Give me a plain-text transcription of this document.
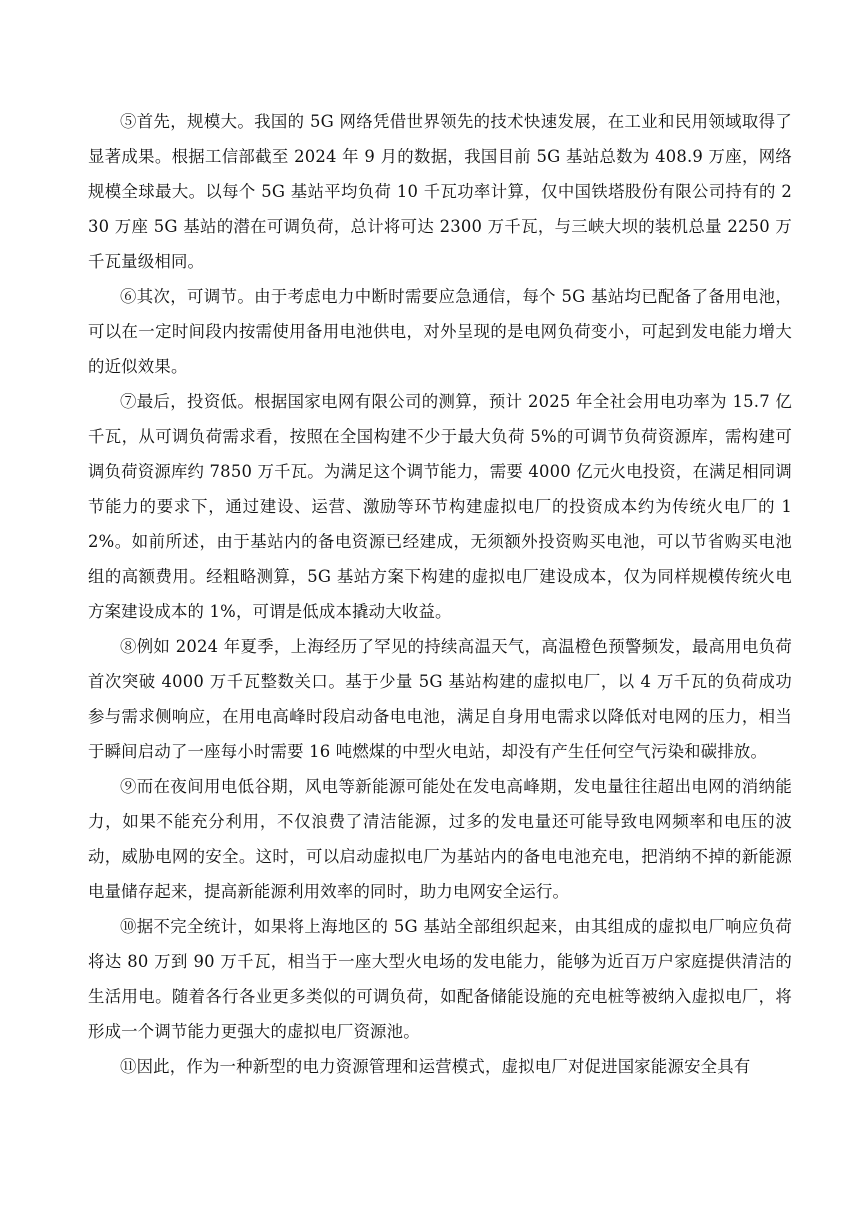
⑤首先，规模大。我国的 5G 网络凭借世界领先的技术快速发展，在工业和民用领域取得了显著成果。根据工信部截至 2024 年 9 月的数据，我国目前 5G 基站总数为 408.9 万座，网络规模全球最大。以每个 5G 基站平均负荷 10 千瓦功率计算，仅中国铁塔股份有限公司持有的 230 万座 5G 基站的潜在可调负荷，总计将可达 2300 万千瓦，与三峡大坝的装机总量 2250 万千瓦量级相同。

⑥其次，可调节。由于考虑电力中断时需要应急通信，每个 5G 基站均已配备了备用电池，可以在一定时间段内按需使用备用电池供电，对外呈现的是电网负荷变小，可起到发电能力增大的近似效果。

⑦最后，投资低。根据国家电网有限公司的测算，预计 2025 年全社会用电功率为 15.7 亿千瓦，从可调负荷需求看，按照在全国构建不少于最大负荷 5%的可调节负荷资源库，需构建可调负荷资源库约 7850 万千瓦。为满足这个调节能力，需要 4000 亿元火电投资，在满足相同调节能力的要求下，通过建设、运营、激励等环节构建虚拟电厂的投资成本约为传统火电厂的 12%。如前所述，由于基站内的备电资源已经建成，无须额外投资购买电池，可以节省购买电池组的高额费用。经粗略测算，5G 基站方案下构建的虚拟电厂建设成本，仅为同样规模传统火电方案建设成本的 1%，可谓是低成本撬动大收益。

⑧例如 2024 年夏季，上海经历了罕见的持续高温天气，高温橙色预警频发，最高用电负荷首次突破 4000 万千瓦整数关口。基于少量 5G 基站构建的虚拟电厂，以 4 万千瓦的负荷成功参与需求侧响应，在用电高峰时段启动备电电池，满足自身用电需求以降低对电网的压力，相当于瞬间启动了一座每小时需要 16 吨燃煤的中型火电站，却没有产生任何空气污染和碳排放。

⑨而在夜间用电低谷期，风电等新能源可能处在发电高峰期，发电量往往超出电网的消纳能力，如果不能充分利用，不仅浪费了清洁能源，过多的发电量还可能导致电网频率和电压的波动，威胁电网的安全。这时，可以启动虚拟电厂为基站内的备电电池充电，把消纳不掉的新能源电量储存起来，提高新能源利用效率的同时，助力电网安全运行。

⑩据不完全统计，如果将上海地区的 5G 基站全部组织起来，由其组成的虚拟电厂响应负荷将达 80 万到 90 万千瓦，相当于一座大型火电场的发电能力，能够为近百万户家庭提供清洁的生活用电。随着各行各业更多类似的可调负荷，如配备储能设施的充电桩等被纳入虚拟电厂，将形成一个调节能力更强大的虚拟电厂资源池。

⑪因此，作为一种新型的电力资源管理和运营模式，虚拟电厂对促进国家能源安全具有
